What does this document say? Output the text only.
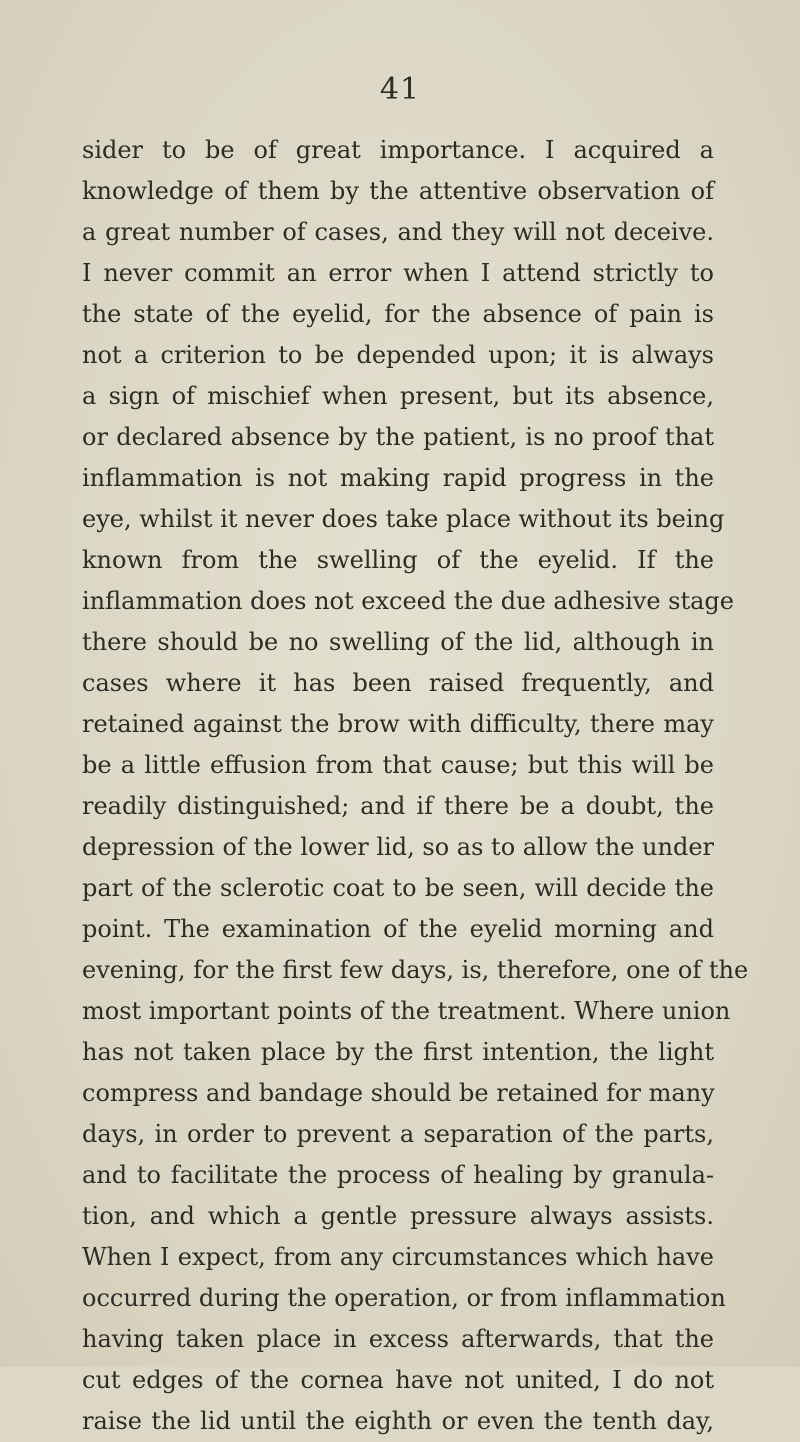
41
sider to be of great importance. I acquired a
knowledge of them by the attentive observation of
a great number of cases, and they will not deceive.
I never commit an error when I attend strictly to
the state of the eyelid, for the absence of pain is
not a criterion to be depended upon; it is always
a sign of mischief when present, but its absence,
or declared absence by the patient, is no proof that
inflammation is not making rapid progress in the
eye, whilst it never does take place without its being
known from the swelling of the eyelid. If the
inflammation does not exceed the due adhesive stage
there should be no swelling of the lid, although in
cases where it has been raised frequently, and
retained against the brow with difficulty, there may
be a little effusion from that cause; but this will be
readily distinguished; and if there be a doubt, the
depression of the lower lid, so as to allow the under
part of the sclerotic coat to be seen, will decide the
point. The examination of the eyelid morning and
evening, for the first few days, is, therefore, one of the
most important points of the treatment. Where union
has not taken place by the first intention, the light
compress and bandage should be retained for many
days, in order to prevent a separation of the parts,
and to facilitate the process of healing by granula-
tion, and which a gentle pressure always assists.
When I expect, from any circumstances which have
occurred during the operation, or from inflammation
having taken place in excess afterwards, that the
cut edges of the cornea have not united, I do not
raise the lid until the eighth or even the tenth day,
